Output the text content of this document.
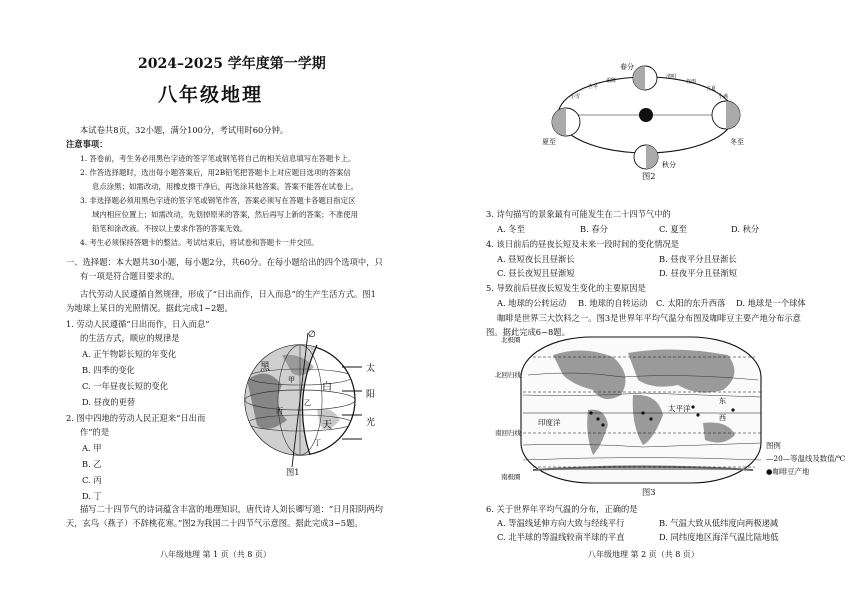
2024–2025 学年度第一学期
八年级地理
本试卷共8页，32小题，满分100分，考试用时60分钟。
注意事项：
1. 答卷前，考生务必用黑色字迹的签字笔或钢笔将自己的相关信息填写在答题卡上。
2. 作答选择题时，选出每小题答案后，用2B铅笔把答题卡上对应题目选项的答案信
息点涂黑；如需改动，用橡皮擦干净后，再选涂其他答案。答案不能答在试卷上。
3. 非选择题必须用黑色字迹的签字笔或钢笔作答，答案必须写在答题卡各题目指定区
域内相应位置上；如需改动，先划掉原来的答案，然后再写上新的答案；不准使用
铅笔和涂改液。不按以上要求作答的答案无效。
4. 考生必须保持答题卡的整洁。考试结束后，将试卷和答题卡一并交回。
一、选择题：本大题共30小题，每小题2分，共60分。在每小题给出的四个选项中，只
有一项是符合题目要求的。
古代劳动人民遵循自然规律，形成了“日出而作，日入而息”的生产生活方式。图1
为地球上某日的光照情况。据此完成1~2题。
1. 劳动人民遵循“日出而作，日入而息”
的生活方式，顺应的规律是
A. 正午物影长短的年变化
B. 四季的变化
C. 一年昼夜长短的变化
D. 昼夜的更替
2. 图中四地的劳动人民正迎来“日出而
作”的是
A. 甲
B. 乙
C. 丙
D. 丁
∅
太
阳
光
黑
白
天
甲
乙
丙
丁
图1
描写二十四节气的诗词蕴含丰富的地理知识，唐代诗人刘长卿写道：“日月阳阴两均
天，玄鸟（燕子）不辞桃花寒。”图2为我国二十四节气示意图。据此完成3~5题。
八年级地理 第 1 页（共 8 页）
春分
夏至
秋分
冬至
清明
谷雨
立夏
小满
小雪
立冬
霜降
图2
3. 诗句描写的景象最有可能发生在二十四节气中的
A. 冬至	B. 春分	C. 夏至	D. 秋分
4. 该日前后的昼夜长短及未来一段时间的变化情况是
A. 昼短夜长且昼渐长	B. 昼夜平分且昼渐长
C. 昼长夜短且昼渐短	D. 昼夜平分且昼渐短
5. 导致前后昼夜长短发生变化的主要原因是
A. 地球的公转运动 B. 地球的自转运动 C. 太阳的东升西落 D. 地球是一个球体
咖啡是世界三大饮料之一。图3是世界年平均气温分布图及咖啡豆主要产地分布示意
图。据此完成6~8题。
北极圈
北回归线
南回归线
南极圈
太平洋
印度洋
东
西
图例
—20—等温线及数值/℃
●咖啡豆产地
图3
6. 关于世界年平均气温的分布，正确的是
A. 等温线延伸方向大致与经线平行	B. 气温大致从低纬度向两极递减
C. 北半球的等温线较南半球的平直	D. 同纬度地区海洋气温比陆地低
八年级地理 第 2 页（共 8 页）
